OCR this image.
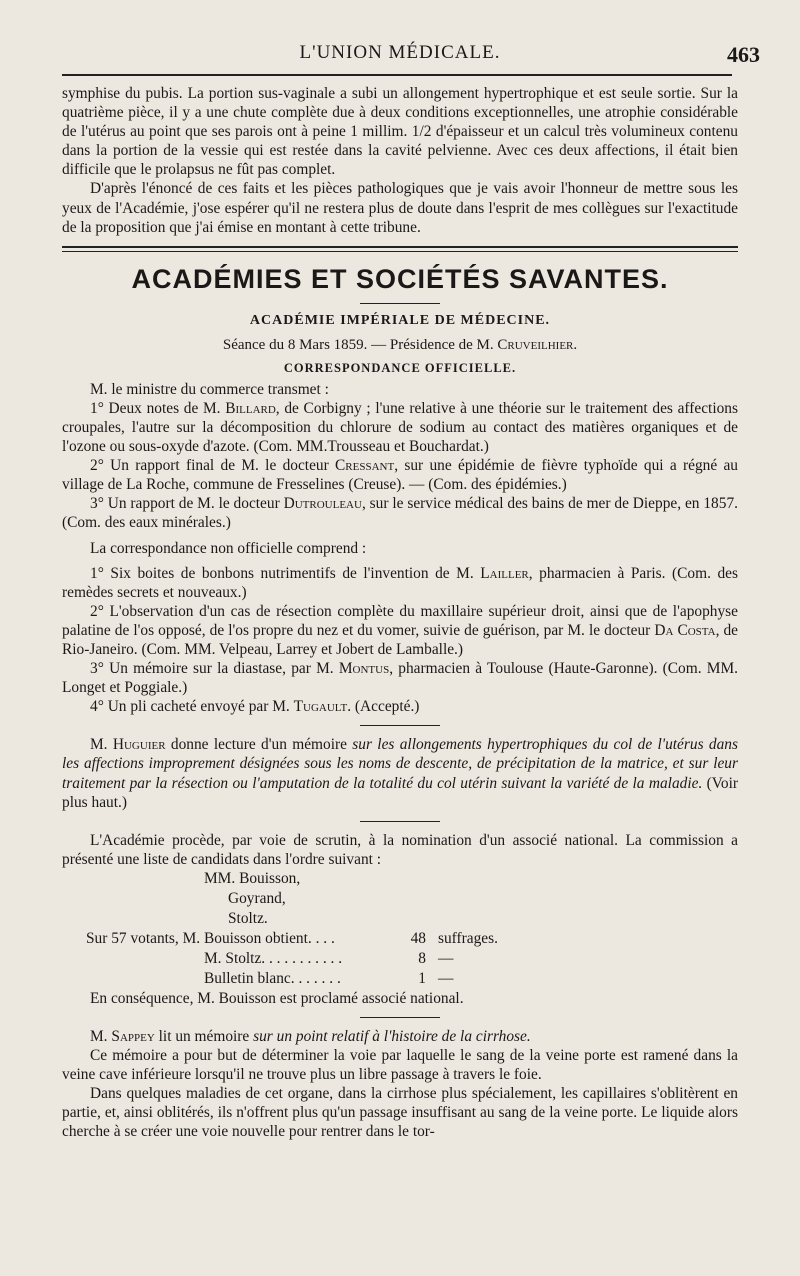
L'UNION MÉDICALE.	463

symphise du pubis. La portion sus-vaginale a subi un allongement hypertrophique et est seule sortie. Sur la quatrième pièce, il y a une chute complète due à deux conditions exceptionnelles, une atrophie considérable de l'utérus au point que ses parois ont à peine 1 millim. 1/2 d'épaisseur et un calcul très volumineux contenu dans la portion de la vessie qui est restée dans la cavité pelvienne. Avec ces deux affections, il était bien difficile que le prolapsus ne fût pas complet.

D'après l'énoncé de ces faits et les pièces pathologiques que je vais avoir l'honneur de mettre sous les yeux de l'Académie, j'ose espérer qu'il ne restera plus de doute dans l'esprit de mes collègues sur l'exactitude de la proposition que j'ai émise en montant à cette tribune.

ACADÉMIES ET SOCIÉTÉS SAVANTES.
ACADÉMIE IMPÉRIALE DE MÉDECINE.
Séance du 8 Mars 1859. — Présidence de M. Cruveilhier.
CORRESPONDANCE OFFICIELLE.

M. le ministre du commerce transmet :

1° Deux notes de M. Billard, de Corbigny ; l'une relative à une théorie sur le traitement des affections croupales, l'autre sur la décomposition du chlorure de sodium au contact des matières organiques et de l'ozone ou sous-oxyde d'azote. (Com. MM.Trousseau et Bouchardat.)

2° Un rapport final de M. le docteur Cressant, sur une épidémie de fièvre typhoïde qui a régné au village de La Roche, commune de Fresselines (Creuse). — (Com. des épidémies.)

3° Un rapport de M. le docteur Dutrouleau, sur le service médical des bains de mer de Dieppe, en 1857. (Com. des eaux minérales.)

La correspondance non officielle comprend :

1° Six boites de bonbons nutrimentifs de l'invention de M. Lailler, pharmacien à Paris. (Com. des remèdes secrets et nouveaux.)

2° L'observation d'un cas de résection complète du maxillaire supérieur droit, ainsi que de l'apophyse palatine de l'os opposé, de l'os propre du nez et du vomer, suivie de guérison, par M. le docteur Da Costa, de Rio-Janeiro. (Com. MM. Velpeau, Larrey et Jobert de Lamballe.)

3° Un mémoire sur la diastase, par M. Montus, pharmacien à Toulouse (Haute-Garonne). (Com. MM. Longet et Poggiale.)

4° Un pli cacheté envoyé par M. Tugault. (Accepté.)

M. Huguier donne lecture d'un mémoire sur les allongements hypertrophiques du col de l'utérus dans les affections improprement désignées sous les noms de descente, de précipitation de la matrice, et sur leur traitement par la résection ou l'amputation de la totalité du col utérin suivant la variété de la maladie. (Voir plus haut.)

L'Académie procède, par voie de scrutin, à la nomination d'un associé national. La commission a présenté une liste de candidats dans l'ordre suivant :

MM. Bouisson,
Goyrand,
Stoltz.
Sur 57 votants, M. Bouisson obtient. . . .	48 suffrages.
M. Stoltz. . . . . . . . . . .	8 —
Bulletin blanc. . . . . . .	1 —

En conséquence, M. Bouisson est proclamé associé national.

M. Sappey lit un mémoire sur un point relatif à l'histoire de la cirrhose.

Ce mémoire a pour but de déterminer la voie par laquelle le sang de la veine porte est ramené dans la veine cave inférieure lorsqu'il ne trouve plus un libre passage à travers le foie.

Dans quelques maladies de cet organe, dans la cirrhose plus spécialement, les capillaires s'oblitèrent en partie, et, ainsi oblitérés, ils n'offrent plus qu'un passage insuffisant au sang de la veine porte. Le liquide alors cherche à se créer une voie nouvelle pour rentrer dans le tor-
